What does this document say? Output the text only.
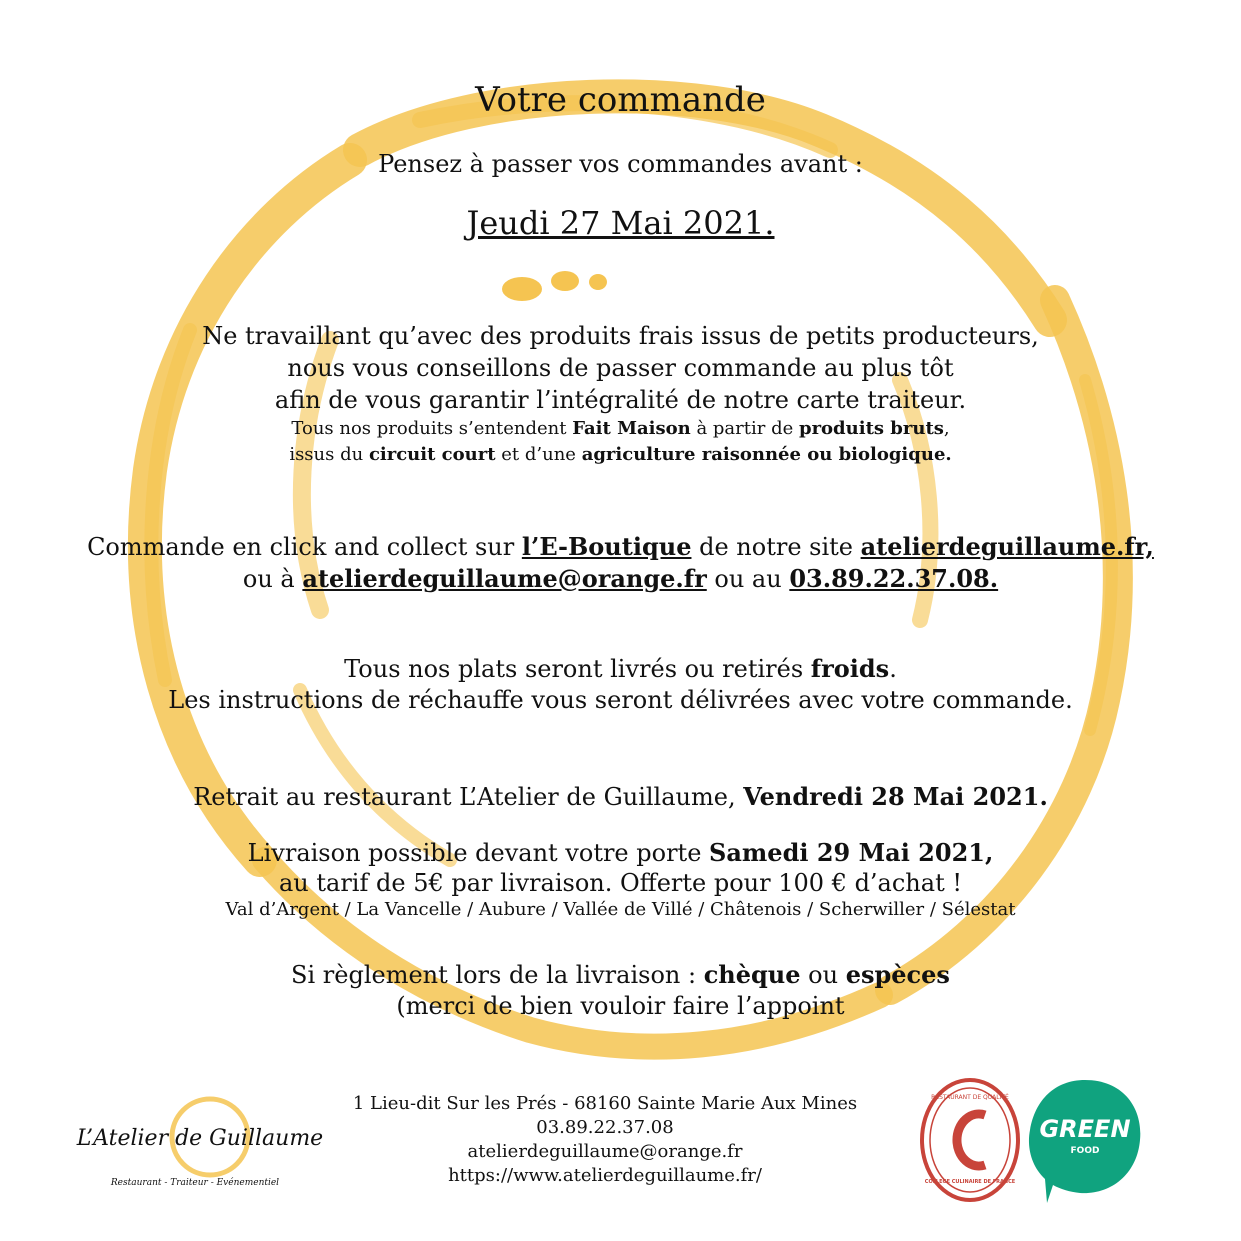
Votre commande
Pensez à passer vos commandes avant :
Jeudi 27 Mai 2021.
Ne travaillant qu’avec des produits frais issus de petits producteurs,
nous vous conseillons de passer commande au plus tôt
afin de vous garantir l’intégralité de notre carte traiteur.
Tous nos produits s’entendent Fait Maison à partir de produits bruts,
issus du circuit court et d’une agriculture raisonnée ou biologique.
Commande en click and collect sur l’E-Boutique de notre site atelierdeguillaume.fr,
ou à atelierdeguillaume@orange.fr ou au 03.89.22.37.08.
Tous nos plats seront livrés ou retirés froids.
Les instructions de réchauffe vous seront délivrées avec votre commande.
Retrait au restaurant L’Atelier de Guillaume, Vendredi 28 Mai 2021.
Livraison possible devant votre porte Samedi 29 Mai 2021,
au tarif de 5€ par livraison. Offerte pour 100 € d’achat !
Val d’Argent / La Vancelle / Aubure / Vallée de Villé / Châtenois / Scherwiller / Sélestat
Si règlement lors de la livraison : chèque ou espèces
(merci de bien vouloir faire l’appoint
1 Lieu-dit Sur les Prés - 68160 Sainte Marie Aux Mines
03.89.22.37.08
atelierdeguillaume@orange.fr
https://www.atelierdeguillaume.fr/
L’Atelier de Guillaume
Restaurant - Traiteur - Evénementiel
RESTAURANT DE QUALITÉ
COLLEGE CULINAIRE DE FRANCE
GREEN
FOOD
